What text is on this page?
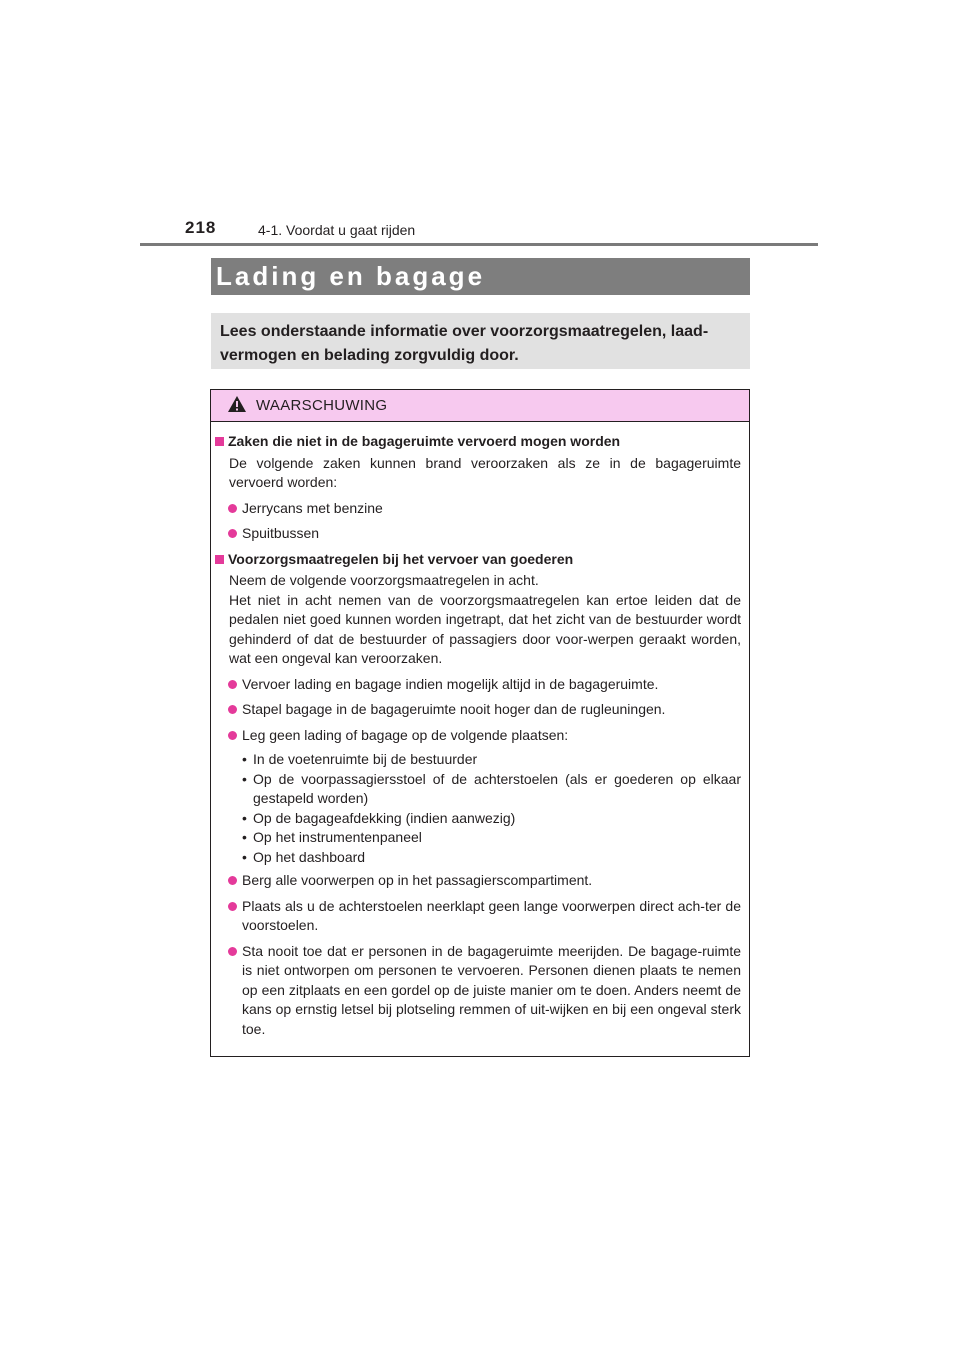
218	4-1. Voordat u gaat rijden
Lading en bagage
Lees onderstaande informatie over voorzorgsmaatregelen, laad-vermogen en belading zorgvuldig door.
WAARSCHUWING
Zaken die niet in de bagageruimte vervoerd mogen worden
De volgende zaken kunnen brand veroorzaken als ze in de bagageruimte vervoerd worden:
Jerrycans met benzine
Spuitbussen
Voorzorgsmaatregelen bij het vervoer van goederen
Neem de volgende voorzorgsmaatregelen in acht.
Het niet in acht nemen van de voorzorgsmaatregelen kan ertoe leiden dat de pedalen niet goed kunnen worden ingetrapt, dat het zicht van de bestuurder wordt gehinderd of dat de bestuurder of passagiers door voor-werpen geraakt worden, wat een ongeval kan veroorzaken.
Vervoer lading en bagage indien mogelijk altijd in de bagageruimte.
Stapel bagage in de bagageruimte nooit hoger dan de rugleuningen.
Leg geen lading of bagage op de volgende plaatsen:
• In de voetenruimte bij de bestuurder
• Op de voorpassagiersstoel of de achterstoelen (als er goederen op elkaar gestapeld worden)
• Op de bagageafdekking (indien aanwezig)
• Op het instrumentenpaneel
• Op het dashboard
Berg alle voorwerpen op in het passagierscompartiment.
Plaats als u de achterstoelen neerklapt geen lange voorwerpen direct ach-ter de voorstoelen.
Sta nooit toe dat er personen in de bagageruimte meerijden. De bagage-ruimte is niet ontworpen om personen te vervoeren. Personen dienen plaats te nemen op een zitplaats en een gordel op de juiste manier om te doen. Anders neemt de kans op ernstig letsel bij plotseling remmen of uit-wijken en bij een ongeval sterk toe.
